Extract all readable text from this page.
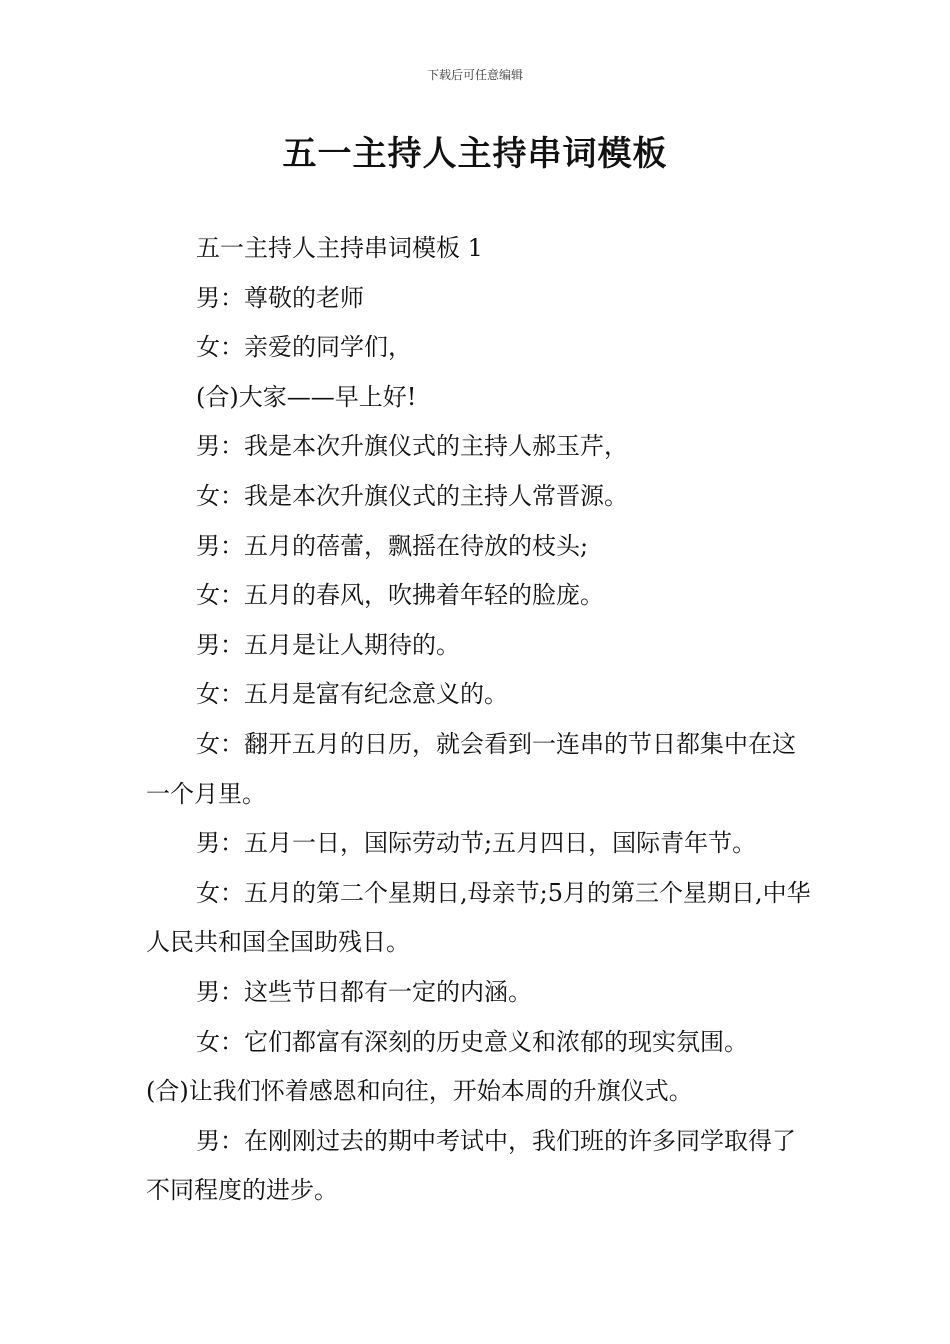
下载后可任意编辑
五一主持人主持串词模板

五一主持人主持串词模板 1

男：尊敬的老师

女：亲爱的同学们，

(合)大家——早上好!

男：我是本次升旗仪式的主持人郝玉芹，

女：我是本次升旗仪式的主持人常晋源。

男：五月的蓓蕾，飘摇在待放的枝头;

女：五月的春风，吹拂着年轻的脸庞。

男：五月是让人期待的。

女：五月是富有纪念意义的。

女：翻开五月的日历，就会看到一连串的节日都集中在这一个月里。

男：五月一日，国际劳动节;五月四日，国际青年节。

女：五月的第二个星期日,母亲节;5月的第三个星期日,中华人民共和国全国助残日。

男：这些节日都有一定的内涵。

女：它们都富有深刻的历史意义和浓郁的现实氛围。

(合)让我们怀着感恩和向往，开始本周的升旗仪式。

男：在刚刚过去的期中考试中，我们班的许多同学取得了不同程度的进步。
